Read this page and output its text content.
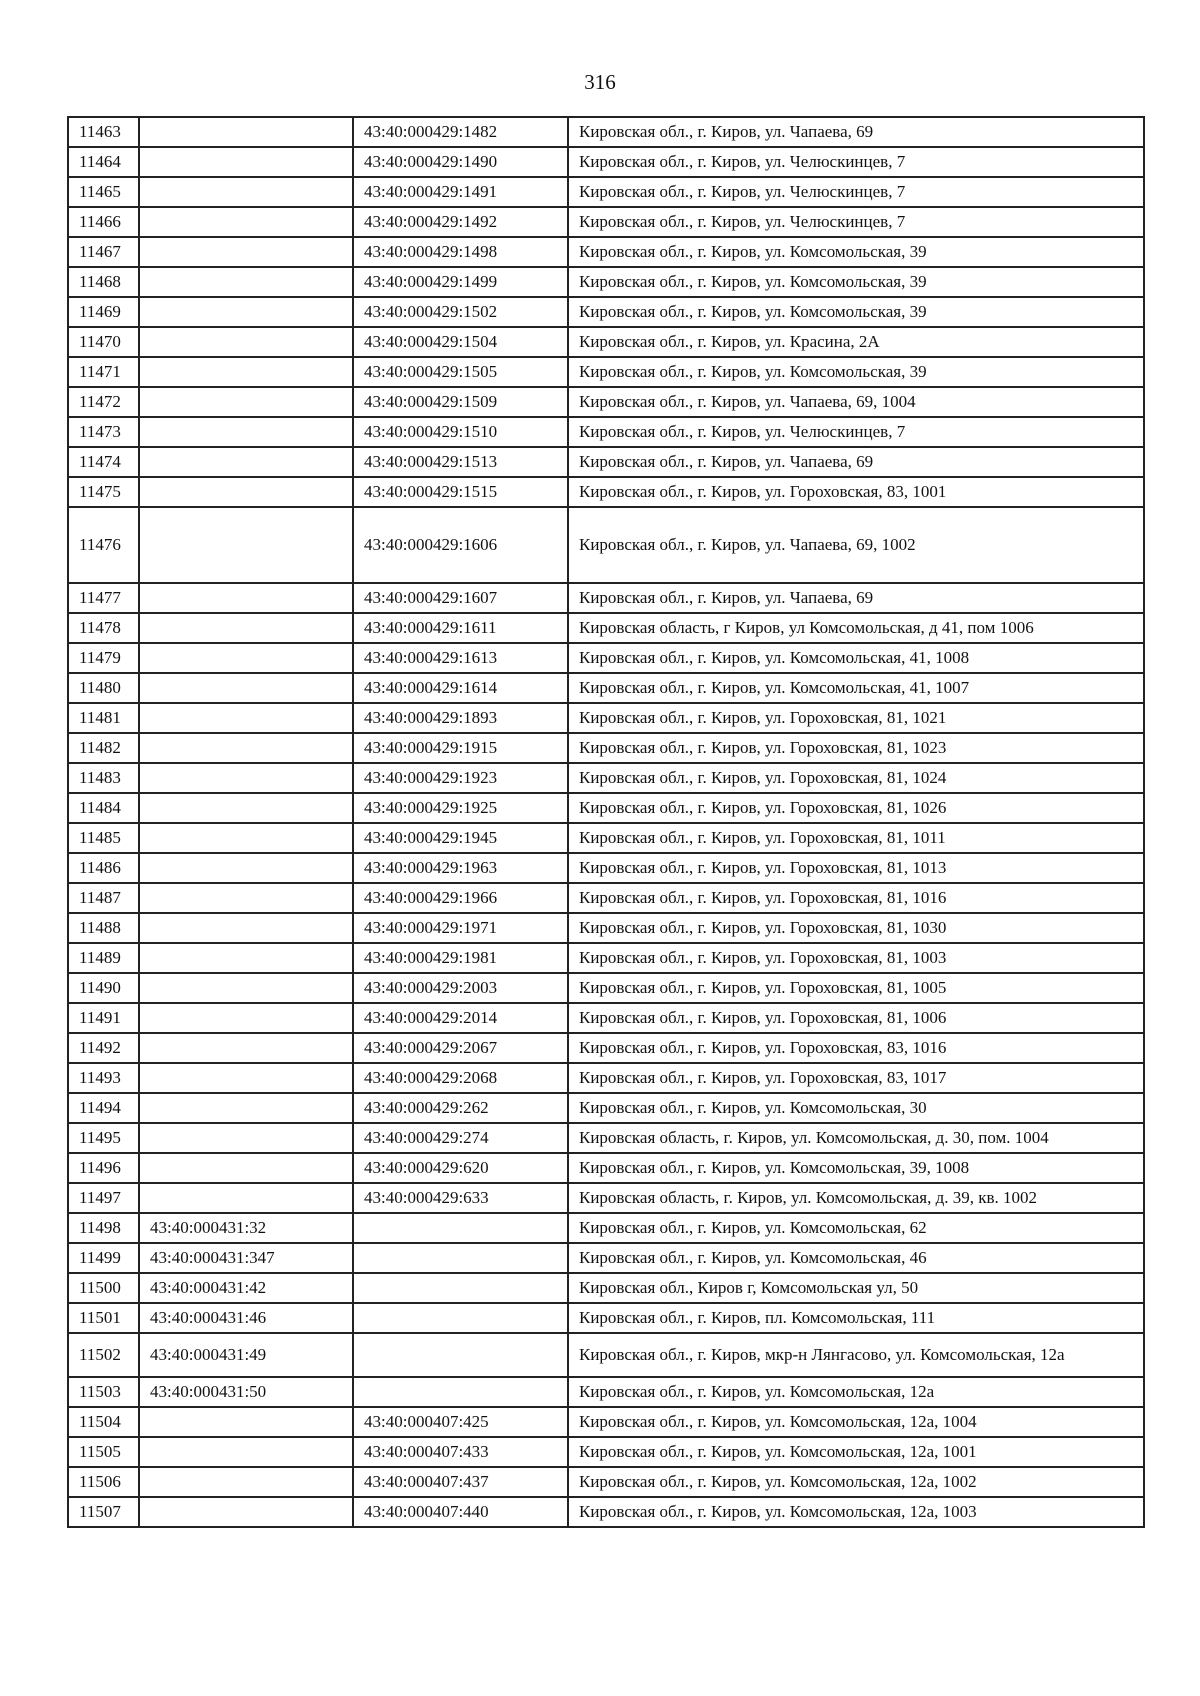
316
11463		43:40:000429:1482	Кировская обл., г. Киров, ул. Чапаева, 69
11464		43:40:000429:1490	Кировская обл., г. Киров, ул. Челюскинцев, 7
11465		43:40:000429:1491	Кировская обл., г. Киров, ул. Челюскинцев, 7
11466		43:40:000429:1492	Кировская обл., г. Киров, ул. Челюскинцев, 7
11467		43:40:000429:1498	Кировская обл., г. Киров, ул. Комсомольская, 39
11468		43:40:000429:1499	Кировская обл., г. Киров, ул. Комсомольская, 39
11469		43:40:000429:1502	Кировская обл., г. Киров, ул. Комсомольская, 39
11470		43:40:000429:1504	Кировская обл., г. Киров, ул. Красина, 2А
11471		43:40:000429:1505	Кировская обл., г. Киров, ул. Комсомольская, 39
11472		43:40:000429:1509	Кировская обл., г. Киров, ул. Чапаева, 69, 1004
11473		43:40:000429:1510	Кировская обл., г. Киров, ул. Челюскинцев, 7
11474		43:40:000429:1513	Кировская обл., г. Киров, ул. Чапаева, 69
11475		43:40:000429:1515	Кировская обл., г. Киров, ул. Гороховская, 83, 1001
11476		43:40:000429:1606	Кировская обл., г. Киров, ул. Чапаева, 69, 1002
11477		43:40:000429:1607	Кировская обл., г. Киров, ул. Чапаева, 69
11478		43:40:000429:1611	Кировская область, г Киров, ул Комсомольская, д 41, пом 1006
11479		43:40:000429:1613	Кировская обл., г. Киров, ул. Комсомольская, 41, 1008
11480		43:40:000429:1614	Кировская обл., г. Киров, ул. Комсомольская, 41, 1007
11481		43:40:000429:1893	Кировская обл., г. Киров, ул. Гороховская, 81, 1021
11482		43:40:000429:1915	Кировская обл., г. Киров, ул. Гороховская, 81, 1023
11483		43:40:000429:1923	Кировская обл., г. Киров, ул. Гороховская, 81, 1024
11484		43:40:000429:1925	Кировская обл., г. Киров, ул. Гороховская, 81, 1026
11485		43:40:000429:1945	Кировская обл., г. Киров, ул. Гороховская, 81, 1011
11486		43:40:000429:1963	Кировская обл., г. Киров, ул. Гороховская, 81, 1013
11487		43:40:000429:1966	Кировская обл., г. Киров, ул. Гороховская, 81, 1016
11488		43:40:000429:1971	Кировская обл., г. Киров, ул. Гороховская, 81, 1030
11489		43:40:000429:1981	Кировская обл., г. Киров, ул. Гороховская, 81, 1003
11490		43:40:000429:2003	Кировская обл., г. Киров, ул. Гороховская, 81, 1005
11491		43:40:000429:2014	Кировская обл., г. Киров, ул. Гороховская, 81, 1006
11492		43:40:000429:2067	Кировская обл., г. Киров, ул. Гороховская, 83, 1016
11493		43:40:000429:2068	Кировская обл., г. Киров, ул. Гороховская, 83, 1017
11494		43:40:000429:262	Кировская обл., г. Киров, ул. Комсомольская, 30
11495		43:40:000429:274	Кировская область, г. Киров, ул. Комсомольская, д. 30, пом. 1004
11496		43:40:000429:620	Кировская обл., г. Киров, ул. Комсомольская, 39, 1008
11497		43:40:000429:633	Кировская область, г. Киров, ул. Комсомольская, д. 39, кв. 1002
11498	43:40:000431:32		Кировская обл., г. Киров, ул. Комсомольская, 62
11499	43:40:000431:347		Кировская обл., г. Киров, ул. Комсомольская, 46
11500	43:40:000431:42		Кировская обл., Киров г, Комсомольская ул, 50
11501	43:40:000431:46		Кировская обл., г. Киров, пл. Комсомольская, 111
11502	43:40:000431:49		Кировская обл., г. Киров, мкр-н Лянгасово, ул. Комсомольская, 12а
11503	43:40:000431:50		Кировская обл., г. Киров, ул. Комсомольская, 12а
11504		43:40:000407:425	Кировская обл., г. Киров, ул. Комсомольская, 12а, 1004
11505		43:40:000407:433	Кировская обл., г. Киров, ул. Комсомольская, 12а, 1001
11506		43:40:000407:437	Кировская обл., г. Киров, ул. Комсомольская, 12а, 1002
11507		43:40:000407:440	Кировская обл., г. Киров, ул. Комсомольская, 12а, 1003
